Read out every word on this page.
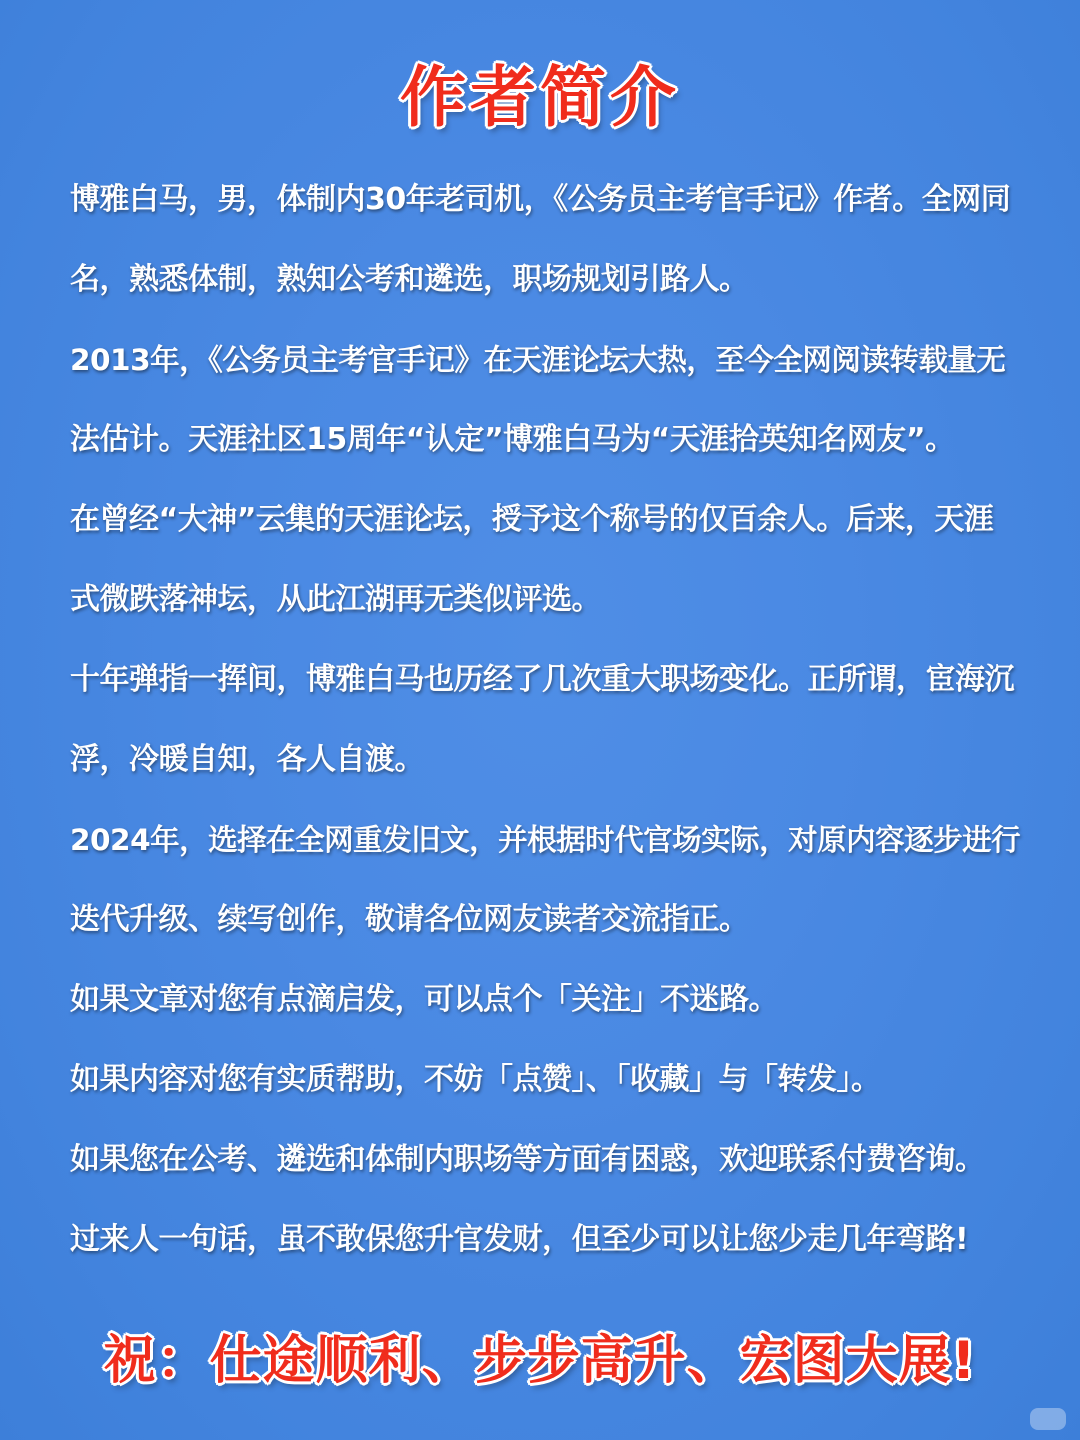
作者简介
博雅白马，男，体制内30年老司机，《公务员主考官手记》作者。全网同
名，熟悉体制，熟知公考和遴选，职场规划引路人。
2013年，《公务员主考官手记》在天涯论坛大热，至今全网阅读转载量无
法估计。天涯社区15周年“认定”博雅白马为“天涯拾英知名网友”。
在曾经“大神”云集的天涯论坛，授予这个称号的仅百余人。后来，天涯
式微跌落神坛，从此江湖再无类似评选。
十年弹指一挥间，博雅白马也历经了几次重大职场变化。正所谓，宦海沉
浮，冷暖自知，各人自渡。
2024年，选择在全网重发旧文，并根据时代官场实际，对原内容逐步进行
迭代升级、续写创作，敬请各位网友读者交流指正。
如果文章对您有点滴启发，可以点个「关注」不迷路。
如果内容对您有实质帮助，不妨「点赞」、「收藏」与「转发」。
如果您在公考、遴选和体制内职场等方面有困惑，欢迎联系付费咨询。
过来人一句话，虽不敢保您升官发财，但至少可以让您少走几年弯路!
祝：仕途顺利、步步高升、宏图大展!
